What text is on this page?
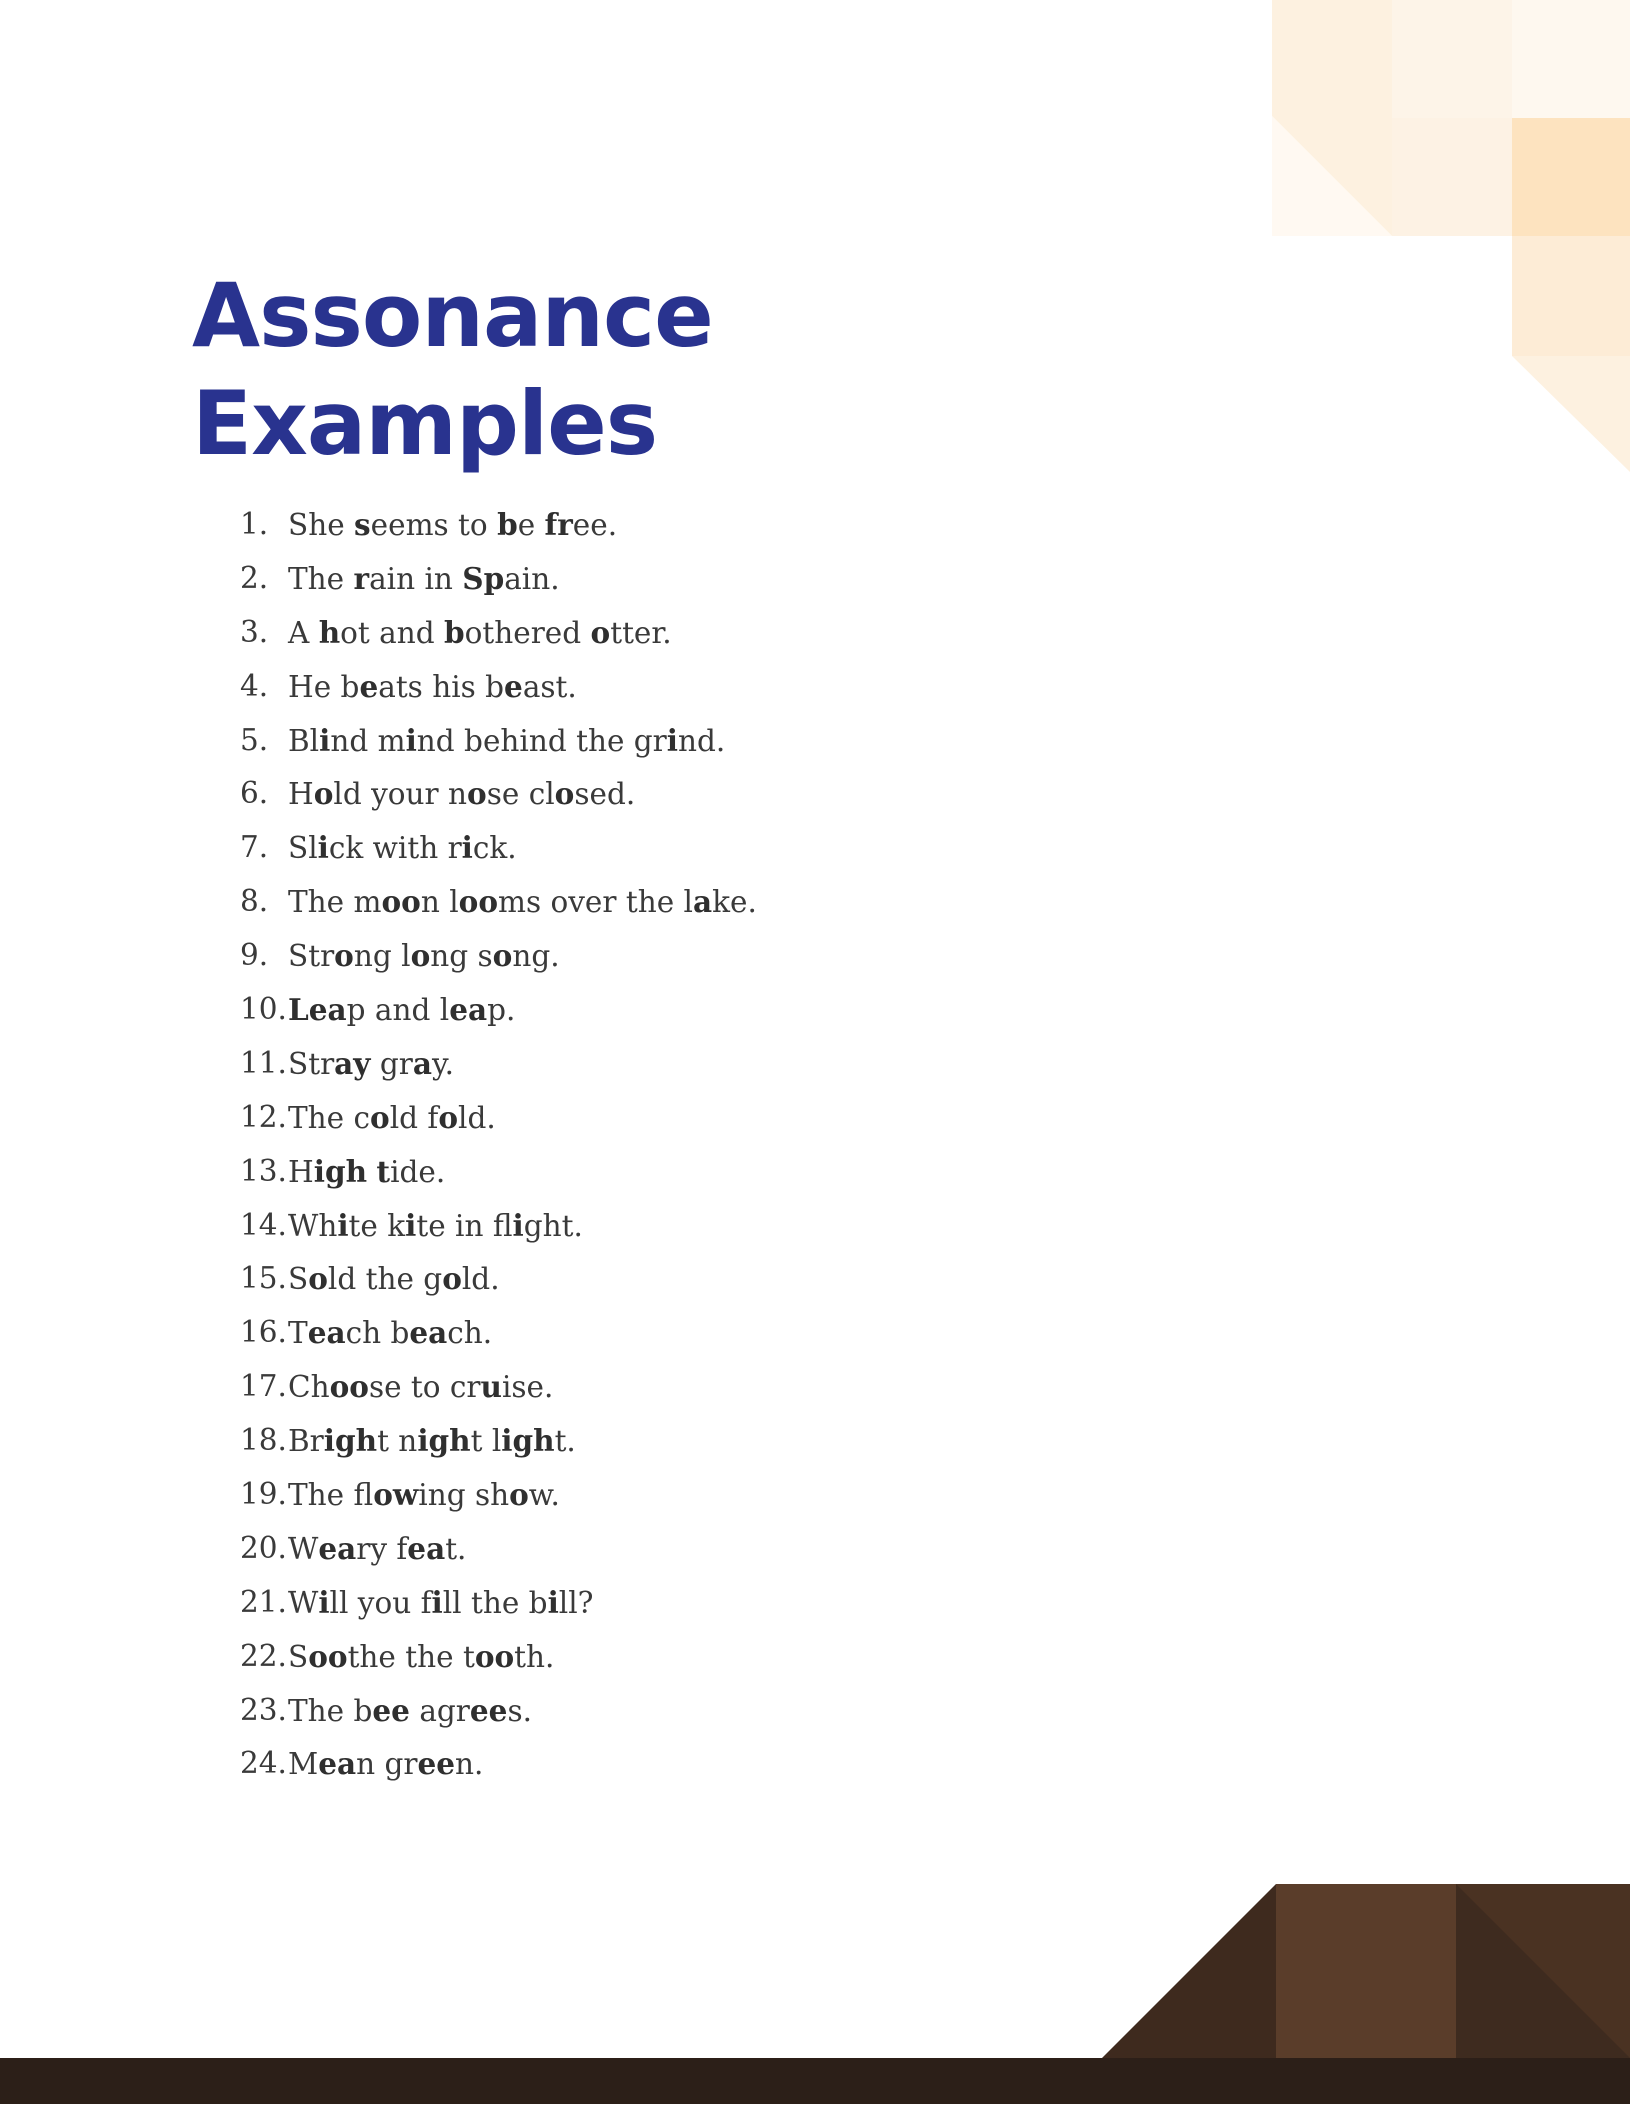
Assonance
Examples
1. She seems to be free.
2. The rain in Spain.
3. A hot and bothered otter.
4. He beats his beast.
5. Blind mind behind the grind.
6. Hold your nose closed.
7. Slick with rick.
8. The moon looms over the lake.
9. Strong long song.
10. Leap and leap.
11. Stray gray.
12. The cold fold.
13. High tide.
14. White kite in flight.
15. Sold the gold.
16. Teach beach.
17. Choose to cruise.
18. Bright night light.
19. The flowing show.
20. Weary feat.
21. Will you fill the bill?
22. Soothe the tooth.
23. The bee agrees.
24. Mean green.
